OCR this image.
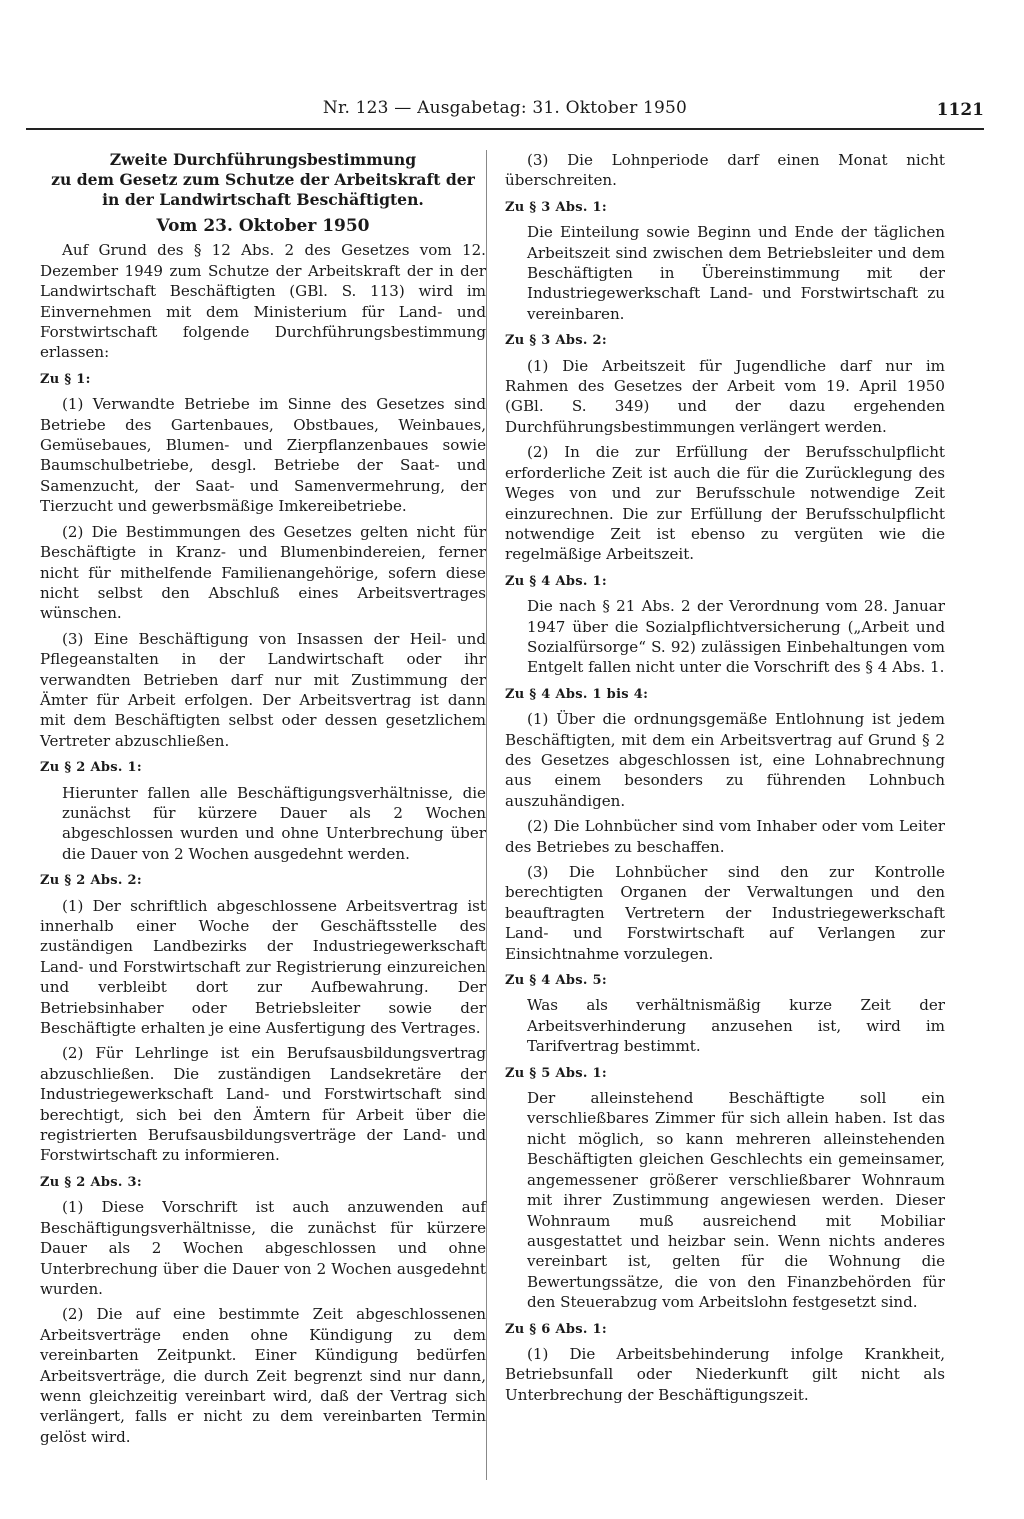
Nr. 123 — Ausgabetag: 31. Oktober 1950	1121
Zweite Durchführungsbestimmung
zu dem Gesetz zum Schutze der Arbeitskraft der
in der Landwirtschaft Beschäftigten.
Vom 23. Oktober 1950

Auf Grund des § 12 Abs. 2 des Gesetzes vom 12. Dezember 1949 zum Schutze der Arbeitskraft der in der Landwirtschaft Beschäftigten (GBl. S. 113) wird im Einvernehmen mit dem Ministerium für Land- und Forstwirtschaft folgende Durchführungsbestimmung erlassen:

Zu § 1:

(1) Verwandte Betriebe im Sinne des Gesetzes sind Betriebe des Gartenbaues, Obstbaues, Weinbaues, Gemüsebaues, Blumen- und Zierpflanzenbaues sowie Baumschulbetriebe, desgl. Betriebe der Saat- und Samenzucht, der Saat- und Samenvermehrung, der Tierzucht und gewerbsmäßige Imkereibetriebe.

(2) Die Bestimmungen des Gesetzes gelten nicht für Beschäftigte in Kranz- und Blumenbindereien, ferner nicht für mithelfende Familienangehörige, sofern diese nicht selbst den Abschluß eines Arbeitsvertrages wünschen.

(3) Eine Beschäftigung von Insassen der Heil- und Pflegeanstalten in der Landwirtschaft oder ihr verwandten Betrieben darf nur mit Zustimmung der Ämter für Arbeit erfolgen. Der Arbeitsvertrag ist dann mit dem Beschäftigten selbst oder dessen gesetzlichem Vertreter abzuschließen.

Zu § 2 Abs. 1:

Hierunter fallen alle Beschäftigungsverhältnisse, die zunächst für kürzere Dauer als 2 Wochen abgeschlossen wurden und ohne Unterbrechung über die Dauer von 2 Wochen ausgedehnt werden.

Zu § 2 Abs. 2:

(1) Der schriftlich abgeschlossene Arbeitsvertrag ist innerhalb einer Woche der Geschäftsstelle des zuständigen Landbezirks der Industriegewerkschaft Land- und Forstwirtschaft zur Registrierung einzureichen und verbleibt dort zur Aufbewahrung. Der Betriebsinhaber oder Betriebsleiter sowie der Beschäftigte erhalten je eine Ausfertigung des Vertrages.

(2) Für Lehrlinge ist ein Berufsausbildungsvertrag abzuschließen. Die zuständigen Landsekretäre der Industriegewerkschaft Land- und Forstwirtschaft sind berechtigt, sich bei den Ämtern für Arbeit über die registrierten Berufsausbildungsverträge der Land- und Forstwirtschaft zu informieren.

Zu § 2 Abs. 3:

(1) Diese Vorschrift ist auch anzuwenden auf Beschäftigungsverhältnisse, die zunächst für kürzere Dauer als 2 Wochen abgeschlossen und ohne Unterbrechung über die Dauer von 2 Wochen ausgedehnt wurden.

(2) Die auf eine bestimmte Zeit abgeschlossenen Arbeitsverträge enden ohne Kündigung zu dem vereinbarten Zeitpunkt. Einer Kündigung bedürfen Arbeitsverträge, die durch Zeit begrenzt sind nur dann, wenn gleichzeitig vereinbart wird, daß der Vertrag sich verlängert, falls er nicht zu dem vereinbarten Termin gelöst wird.

(3) Die Lohnperiode darf einen Monat nicht überschreiten.

Zu § 3 Abs. 1:

Die Einteilung sowie Beginn und Ende der täglichen Arbeitszeit sind zwischen dem Betriebsleiter und dem Beschäftigten in Übereinstimmung mit der Industriegewerkschaft Land- und Forstwirtschaft zu vereinbaren.

Zu § 3 Abs. 2:

(1) Die Arbeitszeit für Jugendliche darf nur im Rahmen des Gesetzes der Arbeit vom 19. April 1950 (GBl. S. 349) und der dazu ergehenden Durchführungsbestimmungen verlängert werden.

(2) In die zur Erfüllung der Berufsschulpflicht erforderliche Zeit ist auch die für die Zurücklegung des Weges von und zur Berufsschule notwendige Zeit einzurechnen. Die zur Erfüllung der Berufsschulpflicht notwendige Zeit ist ebenso zu vergüten wie die regelmäßige Arbeitszeit.

Zu § 4 Abs. 1:

Die nach § 21 Abs. 2 der Verordnung vom 28. Januar 1947 über die Sozialpflichtversicherung („Arbeit und Sozialfürsorge“ S. 92) zulässigen Einbehaltungen vom Entgelt fallen nicht unter die Vorschrift des § 4 Abs. 1.

Zu § 4 Abs. 1 bis 4:

(1) Über die ordnungsgemäße Entlohnung ist jedem Beschäftigten, mit dem ein Arbeitsvertrag auf Grund § 2 des Gesetzes abgeschlossen ist, eine Lohnabrechnung aus einem besonders zu führenden Lohnbuch auszuhändigen.

(2) Die Lohnbücher sind vom Inhaber oder vom Leiter des Betriebes zu beschaffen.

(3) Die Lohnbücher sind den zur Kontrolle berechtigten Organen der Verwaltungen und den beauftragten Vertretern der Industriegewerkschaft Land- und Forstwirtschaft auf Verlangen zur Einsichtnahme vorzulegen.

Zu § 4 Abs. 5:

Was als verhältnismäßig kurze Zeit der Arbeitsverhinderung anzusehen ist, wird im Tarifvertrag bestimmt.

Zu § 5 Abs. 1:

Der alleinstehend Beschäftigte soll ein verschließbares Zimmer für sich allein haben. Ist das nicht möglich, so kann mehreren alleinstehenden Beschäftigten gleichen Geschlechts ein gemeinsamer, angemessener größerer verschließbarer Wohnraum mit ihrer Zustimmung angewiesen werden. Dieser Wohnraum muß ausreichend mit Mobiliar ausgestattet und heizbar sein. Wenn nichts anderes vereinbart ist, gelten für die Wohnung die Bewertungssätze, die von den Finanzbehörden für den Steuerabzug vom Arbeitslohn festgesetzt sind.

Zu § 6 Abs. 1:

(1) Die Arbeitsbehinderung infolge Krankheit, Betriebsunfall oder Niederkunft gilt nicht als Unterbrechung der Beschäftigungszeit.
